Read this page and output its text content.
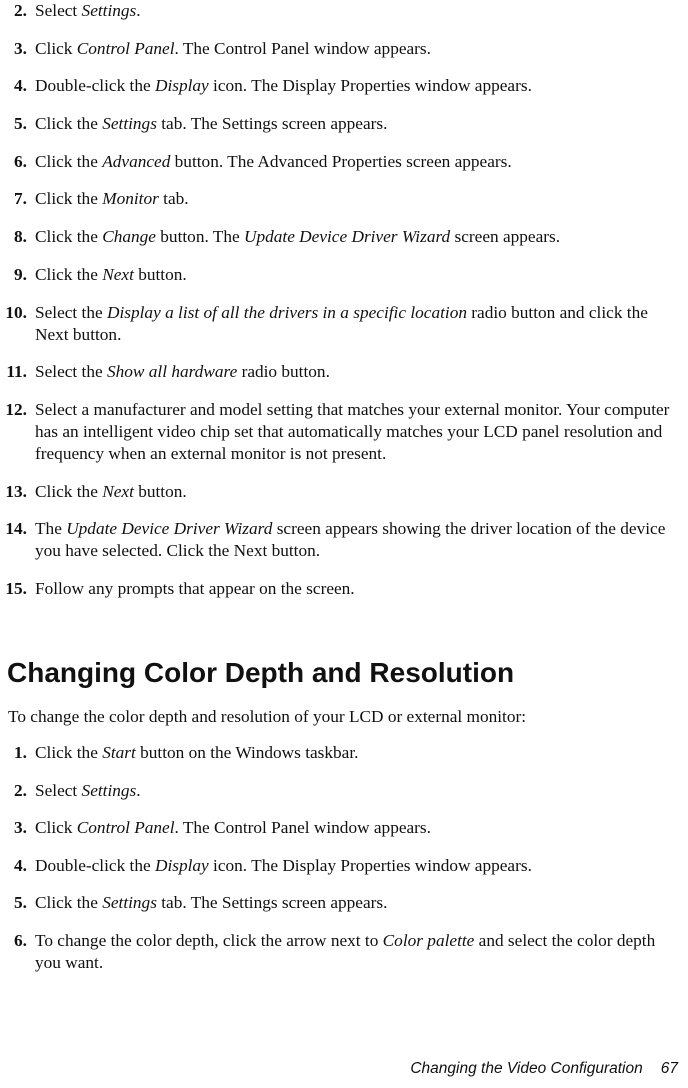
2. Select Settings.
3. Click Control Panel. The Control Panel window appears.
4. Double-click the Display icon. The Display Properties window appears.
5. Click the Settings tab. The Settings screen appears.
6. Click the Advanced button. The Advanced Properties screen appears.
7. Click the Monitor tab.
8. Click the Change button. The Update Device Driver Wizard screen appears.
9. Click the Next button.
10. Select the Display a list of all the drivers in a specific location radio button and click the Next button.
11. Select the Show all hardware radio button.
12. Select a manufacturer and model setting that matches your external monitor. Your computer has an intelligent video chip set that automatically matches your LCD panel resolution and frequency when an external monitor is not present.
13. Click the Next button.
14. The Update Device Driver Wizard screen appears showing the driver location of the device you have selected. Click the Next button.
15. Follow any prompts that appear on the screen.
Changing Color Depth and Resolution

To change the color depth and resolution of your LCD or external monitor:

1. Click the Start button on the Windows taskbar.
2. Select Settings.
3. Click Control Panel. The Control Panel window appears.
4. Double-click the Display icon. The Display Properties window appears.
5. Click the Settings tab. The Settings screen appears.
6. To change the color depth, click the arrow next to Color palette and select the color depth you want.
Changing the Video Configuration 67
